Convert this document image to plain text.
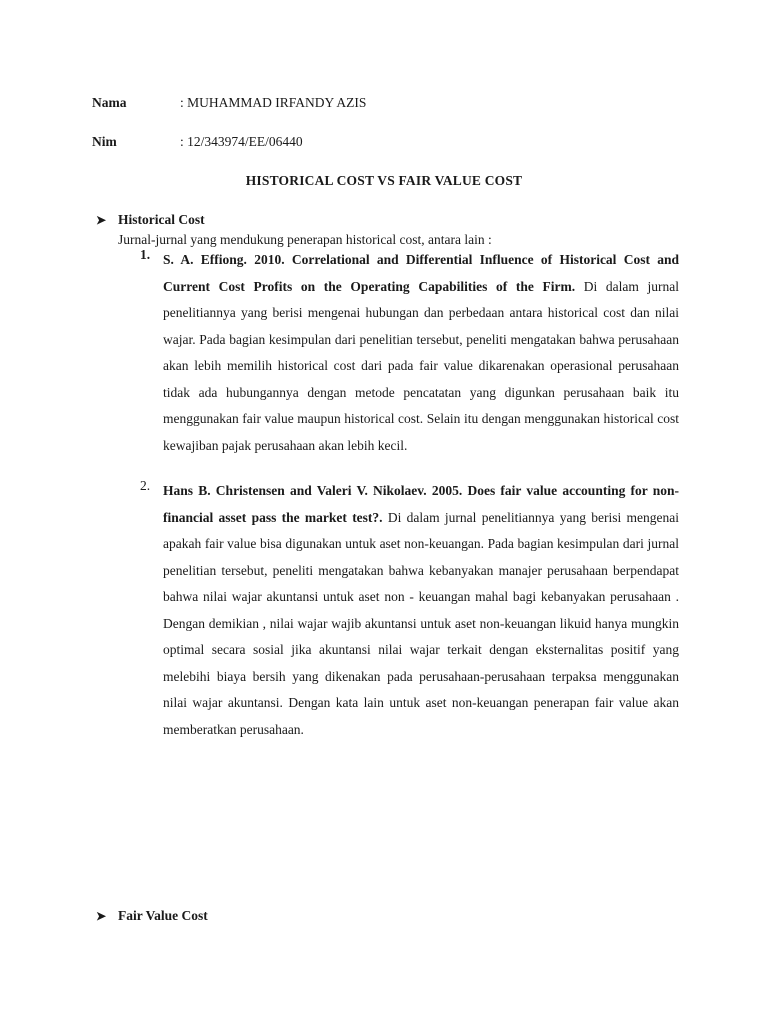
Nama	: MUHAMMAD IRFANDY AZIS
Nim	: 12/343974/EE/06440
HISTORICAL COST VS FAIR VALUE COST
➤ Historical Cost
Jurnal-jurnal yang mendukung penerapan historical cost, antara lain :
1. S. A. Effiong. 2010. Correlational and Differential Influence of Historical Cost and Current Cost Profits on the Operating Capabilities of the Firm. Di dalam jurnal penelitiannya yang berisi mengenai hubungan dan perbedaan antara historical cost dan nilai wajar. Pada bagian kesimpulan dari penelitian tersebut, peneliti mengatakan bahwa perusahaan akan lebih memilih historical cost dari pada fair value dikarenakan operasional perusahaan tidak ada hubungannya dengan metode pencatatan yang digunkan perusahaan baik itu menggunakan fair value maupun historical cost. Selain itu dengan menggunakan historical cost kewajiban pajak perusahaan akan lebih kecil.
2. Hans B. Christensen and Valeri V. Nikolaev. 2005. Does fair value accounting for non-financial asset pass the market test?. Di dalam jurnal penelitiannya yang berisi mengenai apakah fair value bisa digunakan untuk aset non-keuangan. Pada bagian kesimpulan dari jurnal penelitian tersebut, peneliti mengatakan bahwa kebanyakan manajer perusahaan berpendapat bahwa nilai wajar akuntansi untuk aset non - keuangan mahal bagi kebanyakan perusahaan . Dengan demikian , nilai wajar wajib akuntansi untuk aset non-keuangan likuid hanya mungkin optimal secara sosial jika akuntansi nilai wajar terkait dengan eksternalitas positif yang melebihi biaya bersih yang dikenakan pada perusahaan-perusahaan terpaksa menggunakan nilai wajar akuntansi. Dengan kata lain untuk aset non-keuangan penerapan fair value akan memberatkan perusahaan.
➤ Fair Value Cost
